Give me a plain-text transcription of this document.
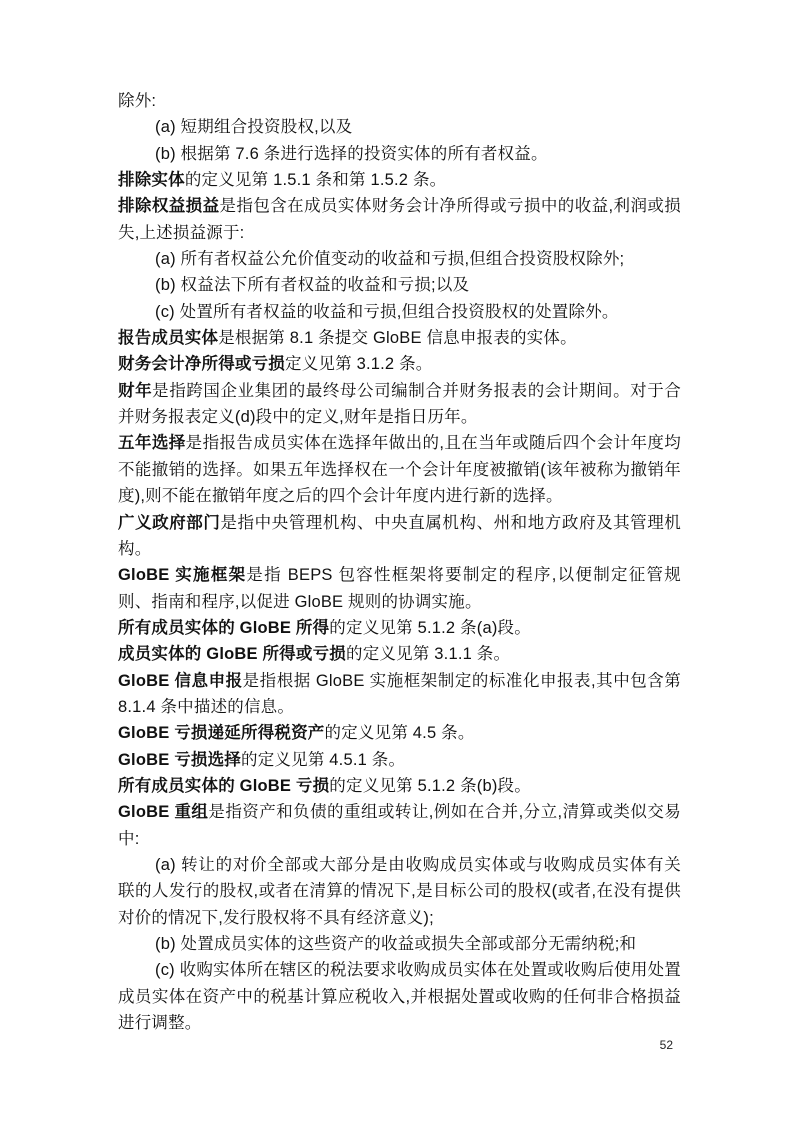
除外:

(a) 短期组合投资股权,以及

(b) 根据第 7.6 条进行选择的投资实体的所有者权益。

排除实体的定义见第 1.5.1 条和第 1.5.2 条。

排除权益损益是指包含在成员实体财务会计净所得或亏损中的收益,利润或损失,上述损益源于:

(a) 所有者权益公允价值变动的收益和亏损,但组合投资股权除外;

(b) 权益法下所有者权益的收益和亏损;以及

(c) 处置所有者权益的收益和亏损,但组合投资股权的处置除外。

报告成员实体是根据第 8.1 条提交 GloBE 信息申报表的实体。

财务会计净所得或亏损定义见第 3.1.2 条。

财年是指跨国企业集团的最终母公司编制合并财务报表的会计期间。对于合并财务报表定义(d)段中的定义,财年是指日历年。

五年选择是指报告成员实体在选择年做出的,且在当年或随后四个会计年度均不能撤销的选择。如果五年选择权在一个会计年度被撤销(该年被称为撤销年度),则不能在撤销年度之后的四个会计年度内进行新的选择。

广义政府部门是指中央管理机构、中央直属机构、州和地方政府及其管理机构。

GloBE 实施框架是指 BEPS 包容性框架将要制定的程序,以便制定征管规则、指南和程序,以促进 GloBE 规则的协调实施。

所有成员实体的 GloBE 所得的定义见第 5.1.2 条(a)段。

成员实体的 GloBE 所得或亏损的定义见第 3.1.1 条。

GloBE 信息申报是指根据 GloBE 实施框架制定的标准化申报表,其中包含第 8.1.4 条中描述的信息。

GloBE 亏损递延所得税资产的定义见第 4.5 条。

GloBE 亏损选择的定义见第 4.5.1 条。

所有成员实体的 GloBE 亏损的定义见第 5.1.2 条(b)段。

GloBE 重组是指资产和负债的重组或转让,例如在合并,分立,清算或类似交易中:

(a) 转让的对价全部或大部分是由收购成员实体或与收购成员实体有关联的人发行的股权,或者在清算的情况下,是目标公司的股权(或者,在没有提供对价的情况下,发行股权将不具有经济意义);

(b) 处置成员实体的这些资产的收益或损失全部或部分无需纳税;和

(c) 收购实体所在辖区的税法要求收购成员实体在处置或收购后使用处置成员实体在资产中的税基计算应税收入,并根据处置或收购的任何非合格损益进行调整。

52
